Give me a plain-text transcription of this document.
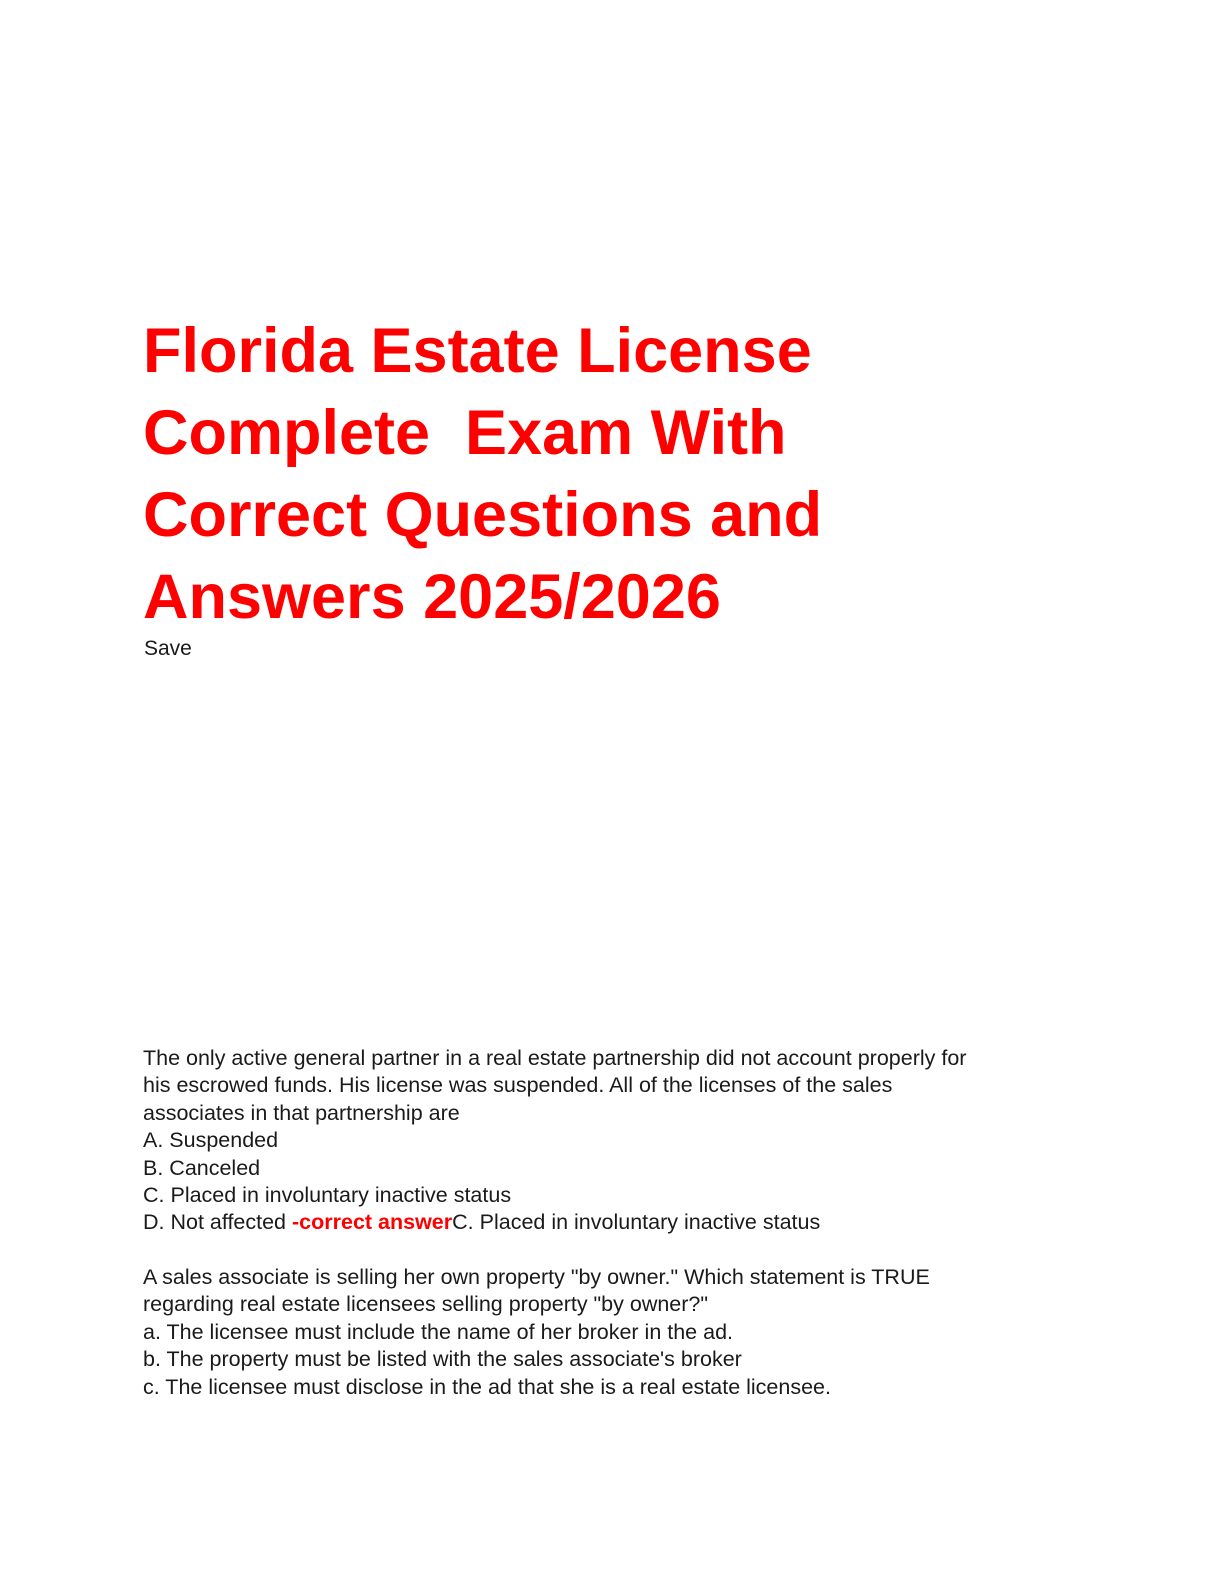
Florida Estate License
Complete  Exam With
Correct Questions and
Answers 2025/2026
Save
The only active general partner in a real estate partnership did not account properly for
his escrowed funds. His license was suspended. All of the licenses of the sales
associates in that partnership are
A. Suspended
B. Canceled
C. Placed in involuntary inactive status
D. Not affected -correct answerC. Placed in involuntary inactive status
A sales associate is selling her own property "by owner." Which statement is TRUE
regarding real estate licensees selling property "by owner?"
a. The licensee must include the name of her broker in the ad.
b. The property must be listed with the sales associate's broker
c. The licensee must disclose in the ad that she is a real estate licensee.
